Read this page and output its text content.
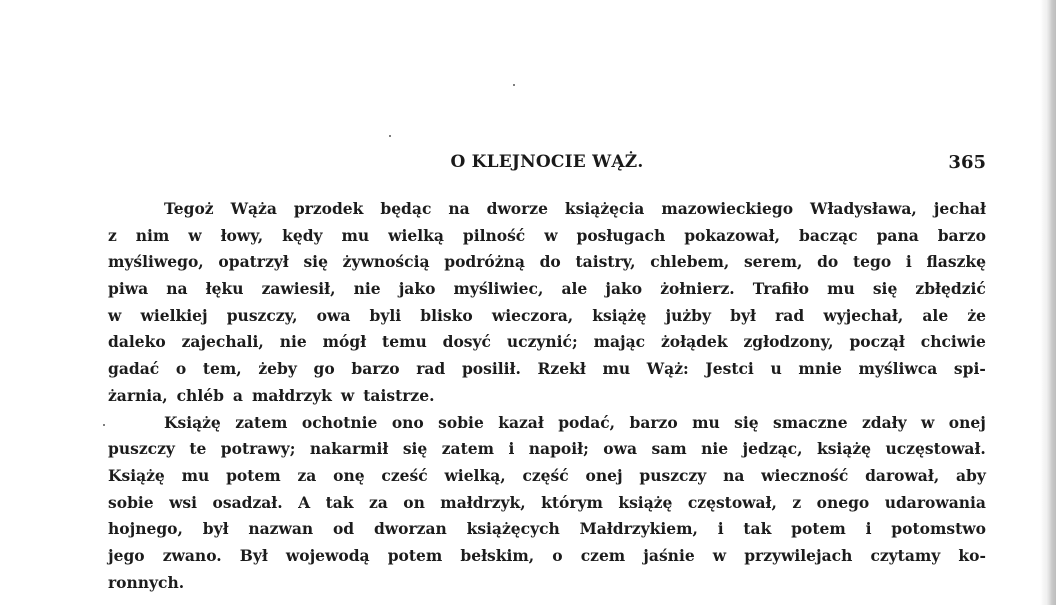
O KLEJNOCIE WĄŻ.	365
Tegoż Wąża przodek będąc na dworze książęcia mazowieckiego Władysława, jechał
z nim w łowy, kędy mu wielką pilność w posługach pokazował, bacząc pana barzo
myśliwego, opatrzył się żywnością podróżną do taistry, chlebem, serem, do tego i flaszkę
piwa na łęku zawiesił, nie jako myśliwiec, ale jako żołnierz. Trafiło mu się zbłędzić
w wielkiej puszczy, owa byli blisko wieczora, książę jużby był rad wyjechał, ale że
daleko zajechali, nie mógł temu dosyć uczynić; mając żołądek zgłodzony, począł chciwie
gadać o tem, żeby go barzo rad posilił. Rzekł mu Wąż: Jestci u mnie myśliwca spi-
żarnia, chléb a małdrzyk w taistrze.
Książę zatem ochotnie ono sobie kazał podać, barzo mu się smaczne zdały w onej
puszczy te potrawy; nakarmił się zatem i napoił; owa sam nie jedząc, książę uczęstował.
Książę mu potem za onę cześć wielką, część onej puszczy na wieczność darował, aby
sobie wsi osadzał. A tak za on małdrzyk, którym książę częstował, z onego udarowania
hojnego, był nazwan od dworzan książęcych Małdrzykiem, i tak potem i potomstwo
jego zwano. Był wojewodą potem bełskim, o czem jaśnie w przywilejach czytamy ko-
ronnych.
